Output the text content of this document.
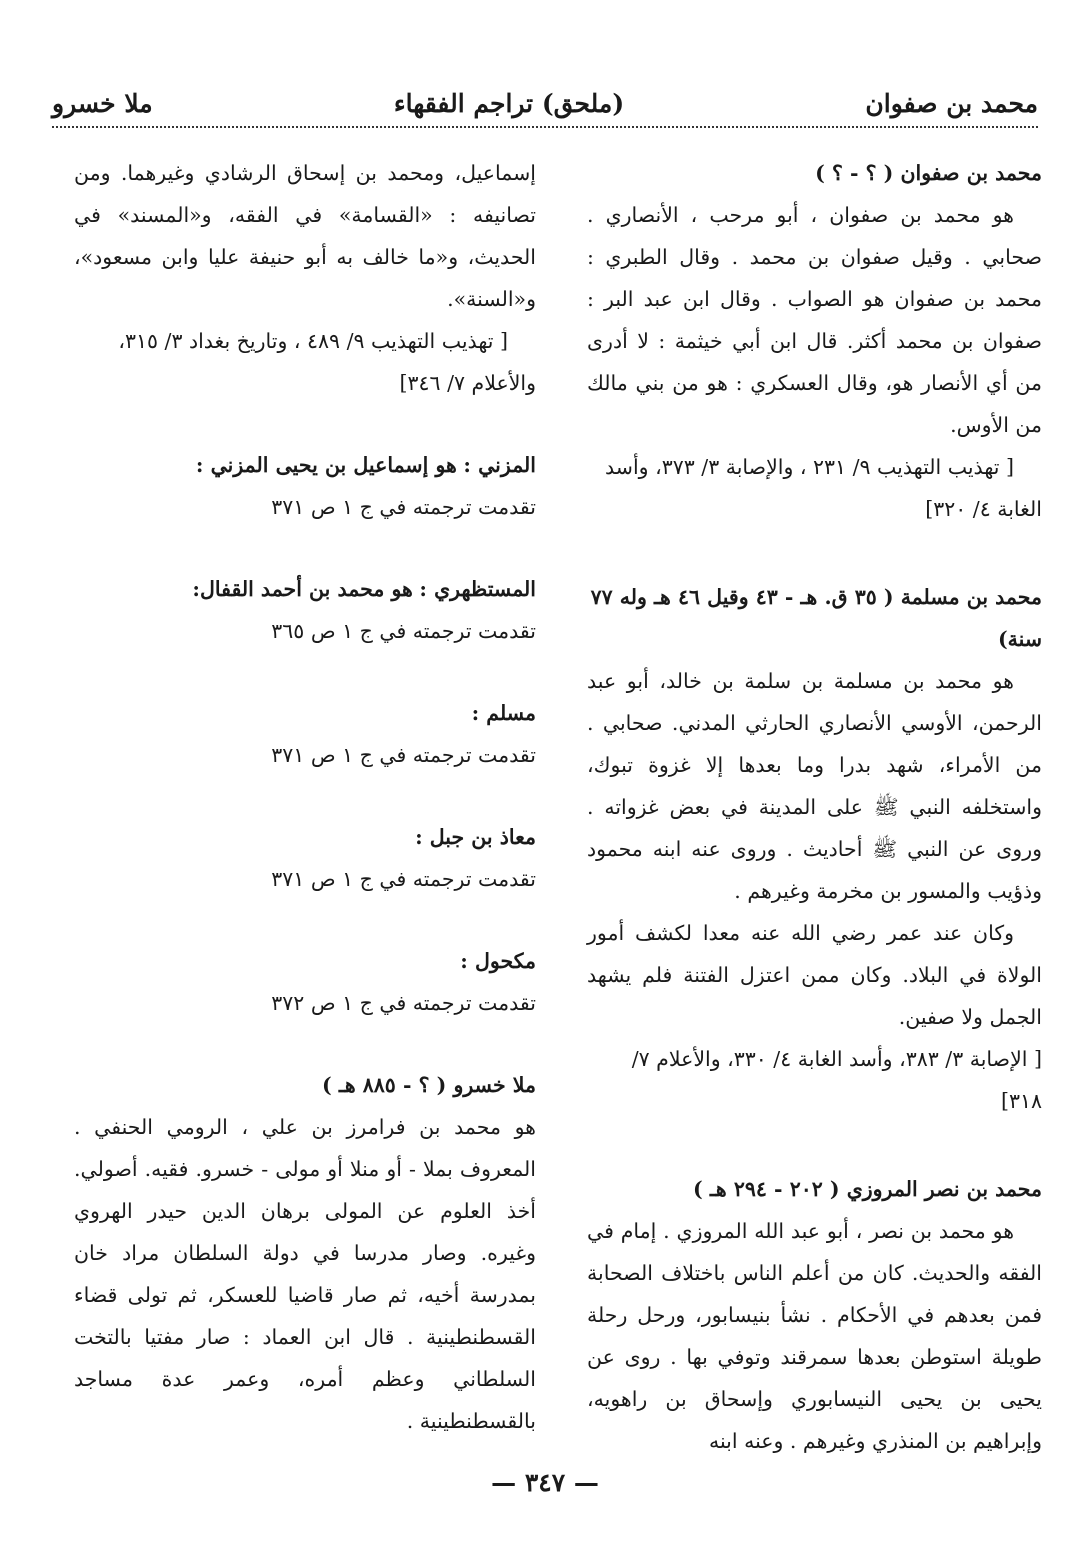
محمد بن صفوان
(ملحق) تراجم الفقهاء
ملا خسرو

محمد بن صفوان ( ؟ - ؟ )

هو محمد بن صفوان ، أبو مرحب ، الأنصاري . صحابي . وقيل صفوان بن محمد . وقال الطبري : محمد بن صفوان هو الصواب . وقال ابن عبد البر : صفوان بن محمد أكثر. قال ابن أبي خيثمة : لا أدرى من أي الأنصار هو، وقال العسكري : هو من بني مالك من الأوس.

[ تهذيب التهذيب ٩/ ٢٣١ ، والإصابة ٣/ ٣٧٣، وأسد الغابة ٤/ ٣٢٠]

محمد بن مسلمة ( ٣٥ ق. هـ - ٤٣ وقيل ٤٦ هـ وله ٧٧ سنة)

هو محمد بن مسلمة بن سلمة بن خالد، أبو عبد الرحمن، الأوسي الأنصاري الحارثي المدني. صحابي . من الأمراء، شهد بدرا وما بعدها إلا غزوة تبوك، واستخلفه النبي ﷺ على المدينة في بعض غزواته . وروى عن النبي ﷺ أحاديث . وروى عنه ابنه محمود وذؤيب والمسور بن مخرمة وغيرهم .

وكان عند عمر رضي الله عنه معدا لكشف أمور الولاة في البلاد. وكان ممن اعتزل الفتنة فلم يشهد الجمل ولا صفين.

[ الإصابة ٣/ ٣٨٣، وأسد الغابة ٤/ ٣٣٠، والأعلام ٧/ ٣١٨]

محمد بن نصر المروزي ( ٢٠٢ - ٢٩٤ هـ )

هو محمد بن نصر ، أبو عبد الله المروزي . إمام في الفقه والحديث. كان من أعلم الناس باختلاف الصحابة فمن بعدهم في الأحكام . نشأ بنيسابور، ورحل رحلة طويلة استوطن بعدها سمرقند وتوفي بها . روى عن يحيى بن يحيى النيسابوري وإسحاق بن راهويه، وإبراهيم بن المنذري وغيرهم . وعنه ابنه

إسماعيل، ومحمد بن إسحاق الرشادي وغيرهما. ومن تصانيفه : «القسامة» في الفقه، و«المسند» في الحديث، و«ما خالف به أبو حنيفة عليا وابن مسعود»، و«السنة».

[ تهذيب التهذيب ٩/ ٤٨٩ ، وتاريخ بغداد ٣/ ٣١٥، والأعلام ٧/ ٣٤٦]

المزني : هو إسماعيل بن يحيى المزني :
تقدمت ترجمته في ج ١ ص ٣٧١
المستظهري : هو محمد بن أحمد القفال:
تقدمت ترجمته في ج ١ ص ٣٦٥
مسلم :
تقدمت ترجمته في ج ١ ص ٣٧١
معاذ بن جبل :
تقدمت ترجمته في ج ١ ص ٣٧١
مكحول :
تقدمت ترجمته في ج ١ ص ٣٧٢

ملا خسرو ( ؟ - ٨٨٥ هـ )

هو محمد بن فرامرز بن علي ، الرومي الحنفي . المعروف بملا - أو منلا أو مولى - خسرو. فقيه. أصولي. أخذ العلوم عن المولى برهان الدين حيدر الهروي وغيره. وصار مدرسا في دولة السلطان مراد خان بمدرسة أخيه، ثم صار قاضيا للعسكر، ثم تولى قضاء القسطنطينية . قال ابن العماد : صار مفتيا بالتخت السلطاني وعظم أمره، وعمر عدة مساجد بالقسطنطينية .

— ٣٤٧ —
